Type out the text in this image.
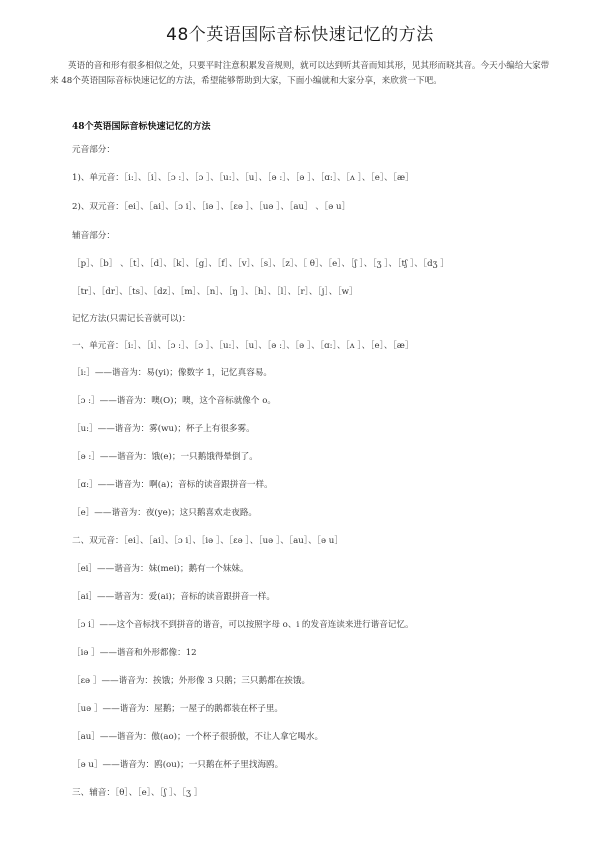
48个英语国际音标快速记忆的方法
英语的音和形有很多相似之处，只要平时注意积累发音规则，就可以达到听其音而知其形，见其形而晓其音。今天小编给大家带来 48个英语国际音标快速记忆的方法，希望能够帮助到大家，下面小编就和大家分享，来欣赏一下吧。
48个英语国际音标快速记忆的方法
元音部分：
1)、单元音：［i:］、［i］、［ɔ :］、［ɔ ］、［u:］、［u］、［ə :］、［ə ］、［ɑ:］、［ʌ ］、［e］、［æ］
2)、双元音：［ei］、［ai］、［ɔ i］、［iə ］、［εə ］、［uə ］、［au］ 、［ə u］
辅音部分：
［p］、［b］ 、［t］、［d］、［k］、［g］、［f］、［v］、［s］、［z］、［ θ］、［e］、［ʃ ］、［ʒ ］、［tʃ ］、［dʒ ］
［tr］、［dr］、［ts］、［dz］、［m］、［n］、［ŋ ］、［h］、［l］、［r］、［j］、［w］
记忆方法(只需记长音就可以)：
一、单元音：［i:］、［i］、［ɔ :］、［ɔ ］、［u:］、［u］、［ə :］、［ə ］、［ɑ:］、［ʌ ］、［e］、［æ］
［i:］——谐音为：易(yi)；像数字 1，记忆真容易。
［ɔ :］——谐音为：噢(O)；噢，这个音标就像个 o。
［u:］——谐音为：雾(wu)；杯子上有很多雾。
［ə :］——谐音为：饿(e)；一只鹅饿得晕倒了。
［ɑ:］——谐音为：啊(a)；音标的读音跟拼音一样。
［e］——谐音为：夜(ye)；这只鹅喜欢走夜路。
二、双元音：［ei］、［ai］、［ɔ i］、［iə ］、［εə ］、［uə ］、［au］、［ə u］
［ei］——谐音为：妹(mei)；鹅有一个妹妹。
［ai］——谐音为：爱(ai)；音标的读音跟拼音一样。
［ɔ i］——这个音标找不到拼音的谐音，可以按照字母 o、i 的发音连读来进行谐音记忆。
［iə ］——谐音和外形都像：12
［εə ］——谐音为：挨饿；外形像 3 只鹅；三只鹅都在挨饿。
［uə ］——谐音为：屋鹅；一屋子的鹅都装在杯子里。
［au］——谐音为：傲(ao)；一个杯子很骄傲，不让人拿它喝水。
［ə u］——谐音为：鸥(ou)；一只鹅在杯子里找海鸥。
三、辅音：［θ］、［e］、［ʃ ］、［ʒ ］
